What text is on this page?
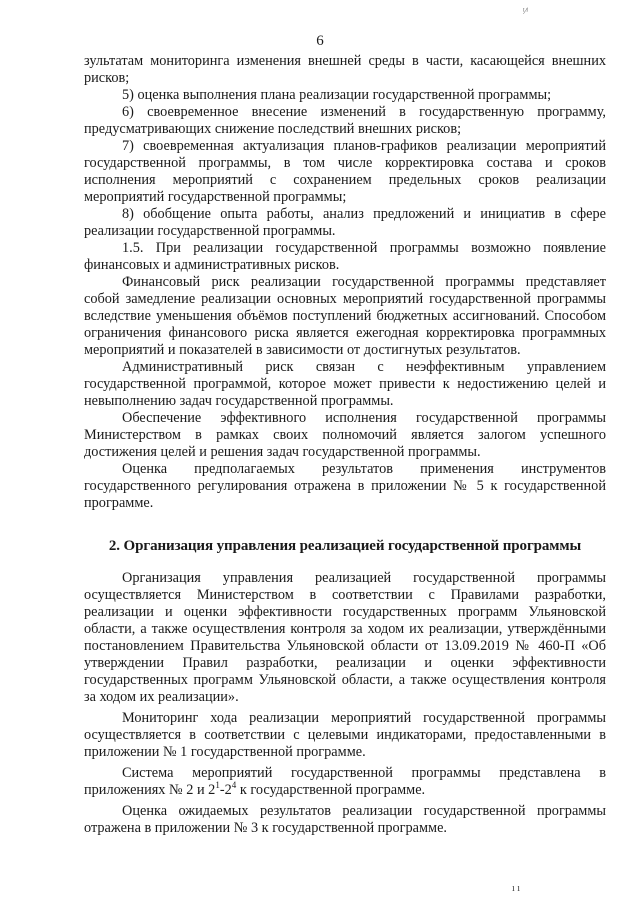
ᴵ⁄ᴵ
6

зультатам мониторинга изменения внешней среды в части, касающейся внешних рисков;

5) оценка выполнения плана реализации государственной программы;

6) своевременное внесение изменений в государственную программу, предусматривающих снижение последствий внешних рисков;

7) своевременная актуализация планов-графиков реализации мероприятий государственной программы, в том числе корректировка состава и сроков исполнения мероприятий с сохранением предельных сроков реализации мероприятий государственной программы;

8) обобщение опыта работы, анализ предложений и инициатив в сфере реализации государственной программы.

1.5. При реализации государственной программы возможно появление финансовых и административных рисков.

Финансовый риск реализации государственной программы представляет собой замедление реализации основных мероприятий государственной программы вследствие уменьшения объёмов поступлений бюджетных ассигнований. Способом ограничения финансового риска является ежегодная корректировка программных мероприятий и показателей в зависимости от достигнутых результатов.

Административный риск связан с неэффективным управлением государственной программой, которое может привести к недостижению целей и невыполнению задач государственной программы.

Обеспечение эффективного исполнения государственной программы Министерством в рамках своих полномочий является залогом успешного достижения целей и решения задач государственной программы.

Оценка предполагаемых результатов применения инструментов государственного регулирования отражена в приложении № 5 к государственной программе.

2. Организация управления реализацией государственной программы

Организация управления реализацией государственной программы осуществляется Министерством в соответствии с Правилами разработки, реализации и оценки эффективности государственных программ Ульяновской области, а также осуществления контроля за ходом их реализации, утверждёнными постановлением Правительства Ульяновской области от 13.09.2019 № 460-П «Об утверждении Правил разработки, реализации и оценки эффективности государственных программ Ульяновской области, а также осуществления контроля за ходом их реализации».

Мониторинг хода реализации мероприятий государственной программы осуществляется в соответствии с целевыми индикаторами, предоставленными в приложении № 1 государственной программе.

Система мероприятий государственной программы представлена в приложениях № 2 и $2^1-2^4$ к государственной программе.

Оценка ожидаемых результатов реализации государственной программы отражена в приложении № 3 к государственной программе.

ı ı
